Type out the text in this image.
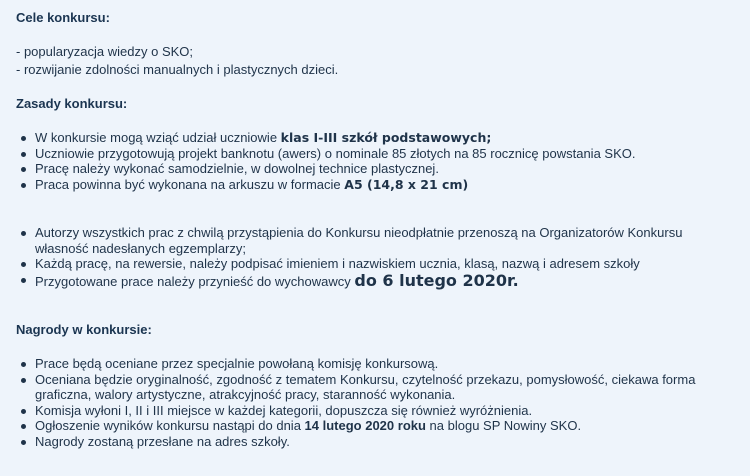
Cele konkursu:
- popularyzacja wiedzy o SKO;
- rozwijanie zdolności manualnych i plastycznych dzieci.
Zasady konkursu:
W konkursie mogą wziąć udział uczniowie klas I-III szkół podstawowych;
Uczniowie przygotowują projekt banknotu (awers) o nominale 85 złotych na 85 rocznicę powstania SKO.
Pracę należy wykonać samodzielnie, w dowolnej technice plastycznej.
Praca powinna być wykonana na arkuszu w formacie A5 (14,8 x 21 cm)
Autorzy wszystkich prac z chwilą przystąpienia do Konkursu nieodpłatnie przenoszą na Organizatorów Konkursu własność nadesłanych egzemplarzy;
Każdą pracę, na rewersie, należy podpisać imieniem i nazwiskiem ucznia, klasą, nazwą i adresem szkoły
Przygotowane prace należy przynieść do wychowawcy do 6 lutego 2020r.
Nagrody w konkursie:
Prace będą oceniane przez specjalnie powołaną komisję konkursową.
Oceniana będzie oryginalność, zgodność z tematem Konkursu, czytelność przekazu, pomysłowość, ciekawa forma graficzna, walory artystyczne, atrakcyjność pracy, staranność wykonania.
Komisja wyłoni I, II i III miejsce w każdej kategorii, dopuszcza się również wyróżnienia.
Ogłoszenie wyników konkursu nastąpi do dnia 14 lutego 2020 roku na blogu SP Nowiny SKO.
Nagrody zostaną przesłane na adres szkoły.
